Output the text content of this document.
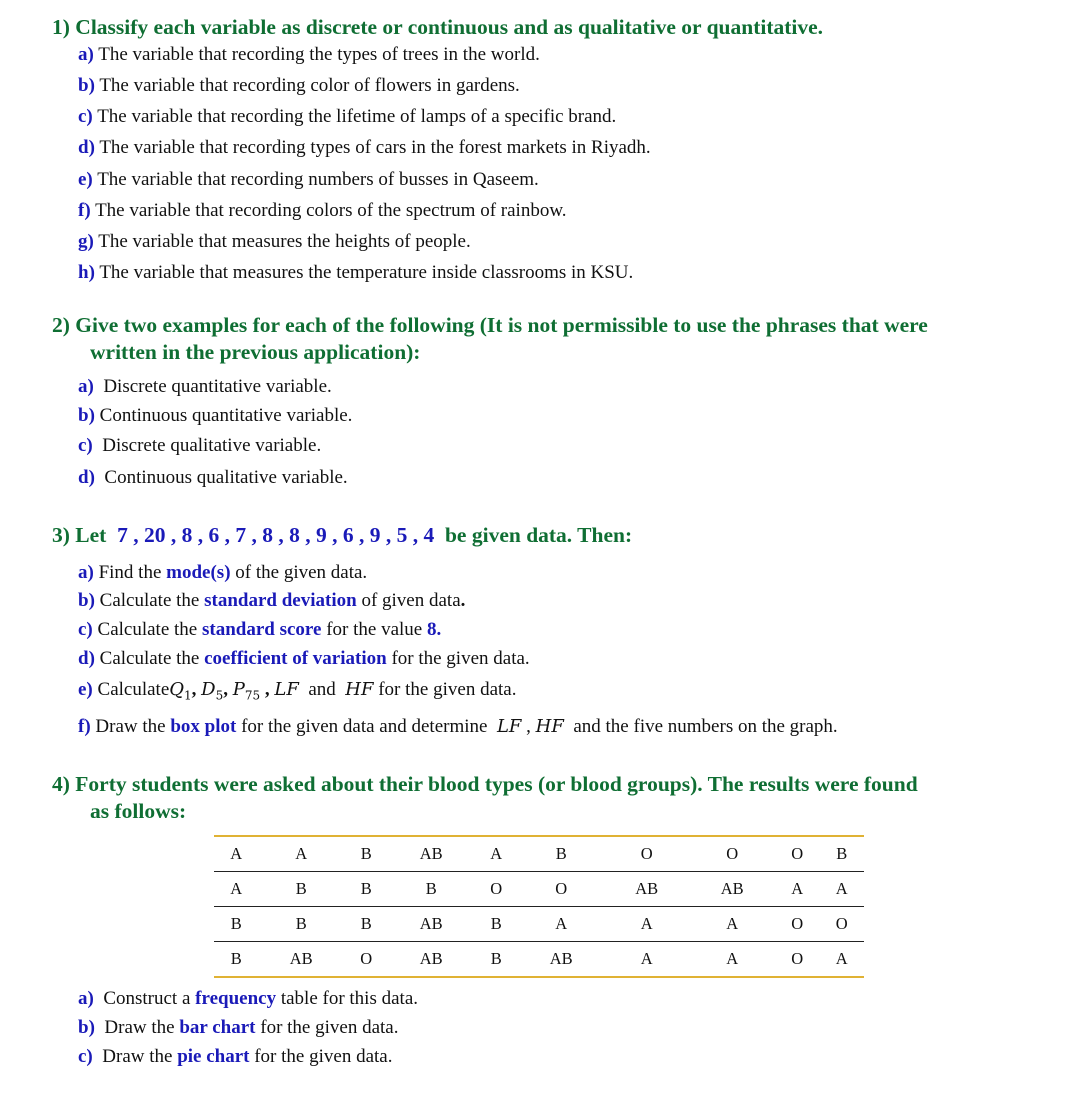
1) Classify each variable as discrete or continuous and as qualitative or quantitative.
a) The variable that recording the types of trees in the world.
b) The variable that recording color of flowers in gardens.
c) The variable that recording the lifetime of lamps of a specific brand.
d) The variable that recording types of cars in the forest markets in Riyadh.
e) The variable that recording numbers of busses in Qaseem.
f) The variable that recording colors of the spectrum of rainbow.
g) The variable that measures the heights of people.
h) The variable that measures the temperature inside classrooms in KSU.
2) Give two examples for each of the following (It is not permissible to use the phrases that were
written in the previous application):
a) Discrete quantitative variable.
b) Continuous quantitative variable.
c) Discrete qualitative variable.
d) Continuous qualitative variable.
3) Let 7 , 20 , 8 , 6 , 7 , 8 , 8 , 9 , 6 , 9 , 5 , 4 be given data. Then:
a) Find the mode(s) of the given data.
b) Calculate the standard deviation of given data.
c) Calculate the standard score for the value 8.
d) Calculate the coefficient of variation for the given data.
e) CalculateQ$_1$, $D_5$, $P_{75}$ , LF and HF for the given data.
f) Draw the box plot for the given data and determine LF , HF and the five numbers on the graph.
4) Forty students were asked about their blood types (or blood groups). The results were found
as follows:
A	A	B	AB	A	B	O	O	O	B
A	B	B	B	O	O	AB	AB	A	A
B	B	B	AB	B	A	A	A	O	O
B	AB	O	AB	B	AB	A	A	O	A
a) Construct a frequency table for this data.
b) Draw the bar chart for the given data.
c) Draw the pie chart for the given data.
